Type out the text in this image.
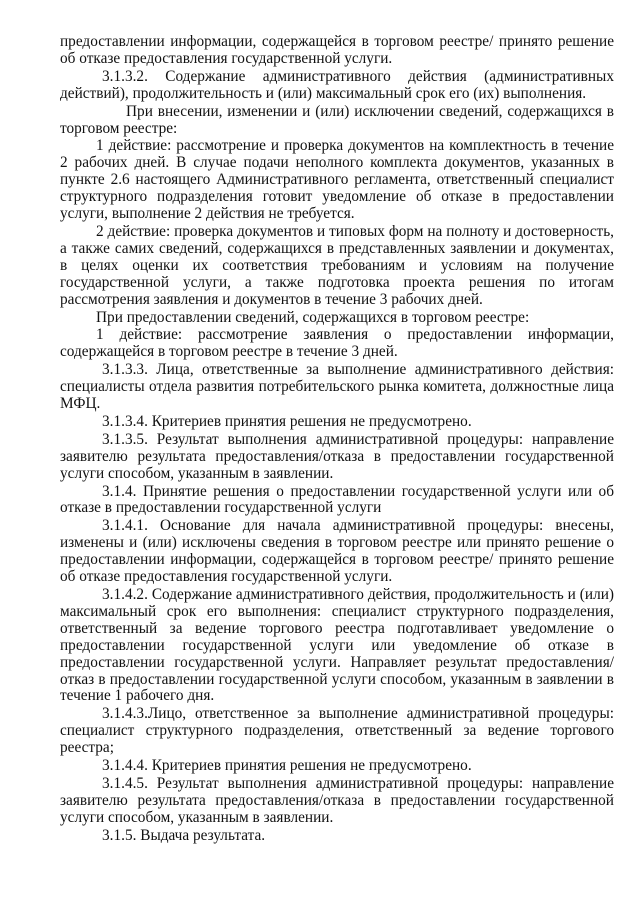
предоставлении информации, содержащейся в торговом реестре/ принято решение об отказе предоставления государственной услуги.

3.1.3.2. Содержание административного действия (административных действий), продолжительность и (или) максимальный срок его (их) выполнения.

При внесении, изменении и (или) исключении сведений, содержащихся в торговом реестре:

1 действие: рассмотрение и проверка документов на комплектность в течение 2 рабочих дней. В случае подачи неполного комплекта документов, указанных в пункте 2.6 настоящего Административного регламента, ответственный специалист структурного подразделения готовит уведомление об отказе в предоставлении услуги, выполнение 2 действия не требуется.

2 действие: проверка документов и типовых форм на полноту и достоверность, а также самих сведений, содержащихся в представленных заявлении и документах, в целях оценки их соответствия требованиям и условиям на получение государственной услуги, а также подготовка проекта решения по итогам рассмотрения заявления и документов в течение 3 рабочих дней.

При предоставлении сведений, содержащихся в торговом реестре:

1 действие: рассмотрение заявления о предоставлении информации, содержащейся в торговом реестре в течение 3 дней.

3.1.3.3. Лица, ответственные за выполнение административного действия: специалисты отдела развития потребительского рынка комитета, должностные лица МФЦ.

3.1.3.4. Критериев принятия решения не предусмотрено.

3.1.3.5. Результат выполнения административной процедуры: направление заявителю результата предоставления/отказа в предоставлении государственной услуги способом, указанным в заявлении.

3.1.4. Принятие решения о предоставлении государственной услуги или об отказе в предоставлении государственной услуги

3.1.4.1. Основание для начала административной процедуры: внесены, изменены и (или) исключены сведения в торговом реестре или принято решение о предоставлении информации, содержащейся в торговом реестре/ принято решение об отказе предоставления государственной услуги.

3.1.4.2. Содержание административного действия, продолжительность и (или) максимальный срок его выполнения: специалист структурного подразделения, ответственный за ведение торгового реестра подготавливает уведомление о предоставлении государственной услуги или уведомление об отказе в предоставлении государственной услуги. Направляет результат предоставления/ отказ в предоставлении государственной услуги способом, указанным в заявлении в течение 1 рабочего дня.

3.1.4.3.Лицо, ответственное за выполнение административной процедуры: специалист структурного подразделения, ответственный за ведение торгового реестра;

3.1.4.4. Критериев принятия решения не предусмотрено.

3.1.4.5. Результат выполнения административной процедуры: направление заявителю результата предоставления/отказа в предоставлении государственной услуги способом, указанным в заявлении.

3.1.5. Выдача результата.
